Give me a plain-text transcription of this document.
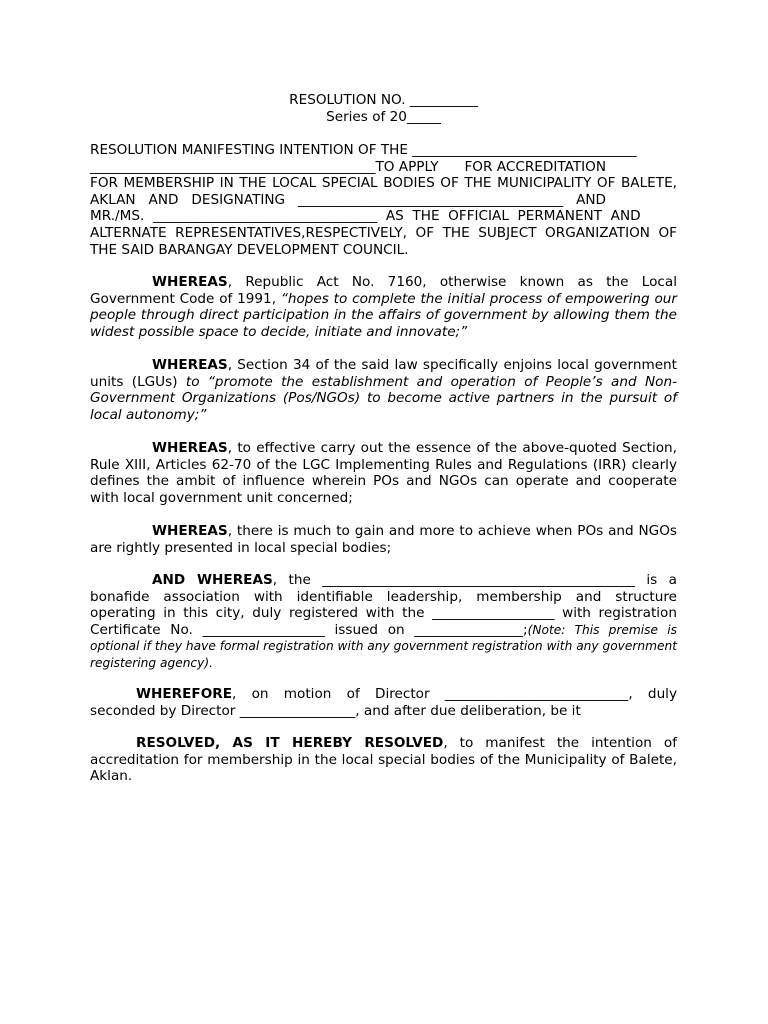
RESOLUTION NO. __________
Series of 20_____
RESOLUTION MANIFESTING INTENTION OF THE _________________________________
__________________________________________TO APPLY      FOR ACCREDITATION
FOR MEMBERSHIP IN THE LOCAL SPECIAL BODIES OF THE MUNICIPALITY OF BALETE,
AKLAN   AND   DESIGNATING   _______________________________________   AND
MR./MS.  _________________________________  AS  THE  OFFICIAL  PERMANENT  AND
ALTERNATE REPRESENTATIVES,RESPECTIVELY, OF THE SUBJECT ORGANIZATION OF
THE SAID BARANGAY DEVELOPMENT COUNCIL.
WHEREAS, Republic Act No. 7160, otherwise known as the Local Government Code of 1991, “hopes to complete the initial process of empowering our people through direct participation in the affairs of government by allowing them the widest possible space to decide, initiate and innovate;”
WHEREAS, Section 34 of the said law specifically enjoins local government units (LGUs) to “promote the establishment and operation of People’s and Non-Government Organizations (Pos/NGOs) to become active partners in the pursuit of local autonomy;”
WHEREAS, to effective carry out the essence of the above-quoted Section, Rule XIII, Articles 62-70 of the LGC Implementing Rules and Regulations (IRR) clearly defines the ambit of influence wherein POs and NGOs can operate and cooperate with local government unit concerned;
WHEREAS, there is much to gain and more to achieve when POs and NGOs are rightly presented in local special bodies;
AND WHEREAS, the ______________________________________________ is a bonafide association with identifiable leadership, membership and structure operating in this city, duly registered with the __________________ with registration Certificate No. __________________ issued on ________________;(Note: This premise is optional if they have formal registration with any government registration with any government registering agency).
WHEREFORE, on motion of Director ___________________________, duly seconded by Director _________________, and after due deliberation, be it
RESOLVED, AS IT HEREBY RESOLVED, to manifest the intention of accreditation for membership in the local special bodies of the Municipality of Balete, Aklan.
